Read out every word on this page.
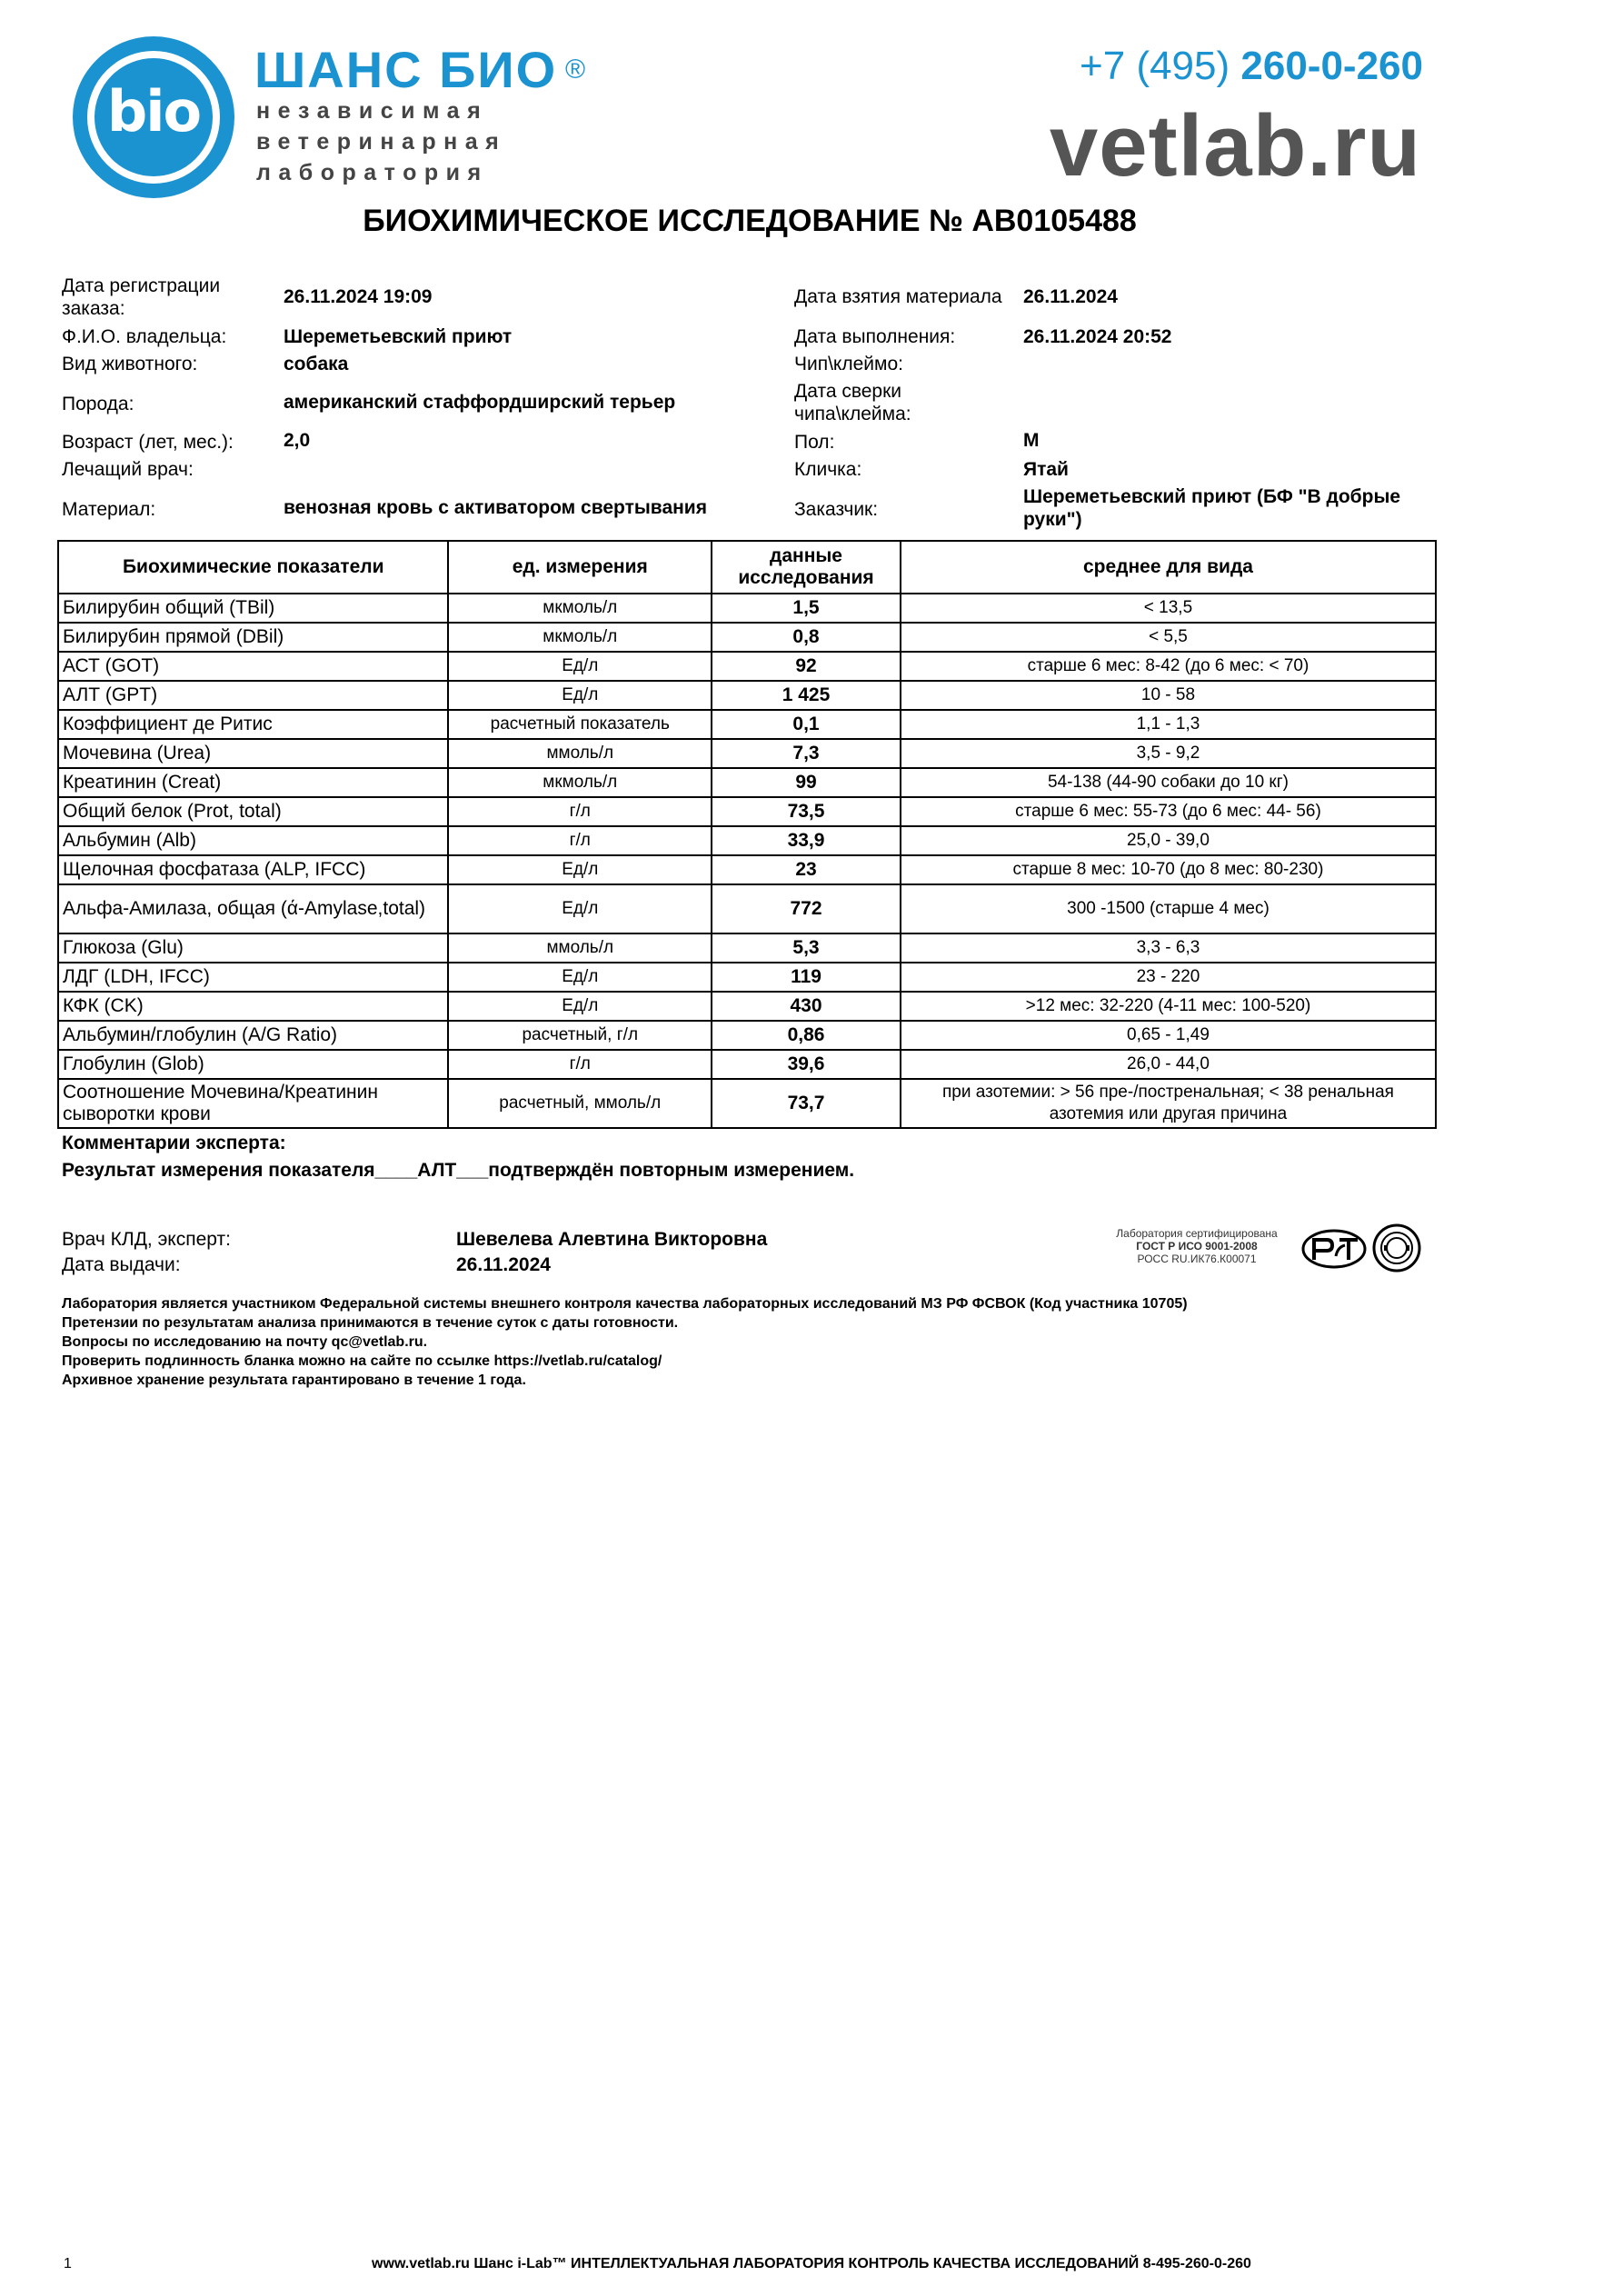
bio
ШАНС БИО ®
независимая
ветеринарная
лаборатория
+7 (495) 260-0-260
vetlab.ru
БИОХИМИЧЕСКОЕ ИССЛЕДОВАНИЕ № AB0105488
Дата регистрации заказа:
26.11.2024 19:09
Ф.И.О. владельца:	Шереметьевский приют
Вид животного:	собака
Порода:	американский стаффордширский терьер
Возраст (лет, мес.):	2,0
Лечащий врач:
Материал:	венозная кровь с активатором свертывания
Дата взятия материала 26.11.2024
Дата выполнения:	26.11.2024 20:52
Чип\клеймо:
Дата сверки чипа\клейма:
Пол:	М
Кличка:	Ятай
Заказчик:
Шереметьевский приют (БФ "В добрые руки")
Биохимические показатели	ед. измерения	данные исследования	среднее для вида
Билирубин общий (TBil)	мкмоль/л	1,5	< 13,5
Билирубин прямой (DBil)	мкмоль/л	0,8	< 5,5
АСТ (GOT)	Ед/л	92	старше 6 мес: 8-42 (до 6 мес: < 70)
АЛТ (GPT)	Ед/л	1 425	10 - 58
Коэффициент де Ритис	расчетный показатель	0,1	1,1 - 1,3
Мочевина (Urea)	ммоль/л	7,3	3,5 - 9,2
Креатинин (Creat)	мкмоль/л	99	54-138 (44-90 собаки до 10 кг)
Общий белок (Prot, total)	г/л	73,5	старше 6 мес: 55-73 (до 6 мес: 44- 56)
Альбумин (Alb)	г/л	33,9	25,0 - 39,0
Щелочная фосфатаза (ALP, IFCC)	Ед/л	23	старше 8 мес: 10-70 (до 8 мес: 80-230)
Альфа-Амилаза, общая (ά-Amylase,total)	Ед/л	772	300 -1500 (старше 4 мес)
Глюкоза (Glu)	ммоль/л	5,3	3,3 - 6,3
ЛДГ (LDH, IFCC)	Ед/л	119	23 - 220
КФК (CK)	Ед/л	430	>12 мес: 32-220 (4-11 мес: 100-520)
Альбумин/глобулин (A/G Ratio)	расчетный, г/л	0,86	0,65 - 1,49
Глобулин (Glob)	г/л	39,6	26,0 - 44,0
Соотношение Мочевина/Креатинин сыворотки крови	расчетный, ммоль/л	73,7	при азотемии: > 56 пре-/постренальная; < 38 ренальная азотемия или другая причина
Комментарии эксперта:
Результат измерения показателя____АЛТ___подтверждён повторным измерением.
Врач КЛД, эксперт:	Шевелева Алевтина Викторовна
Дата выдачи:	26.11.2024
Лаборатория сертифицирована
ГОСТ Р ИСО 9001-2008
РОСС RU.ИК76.К00071
Лаборатория является участником Федеральной системы внешнего контроля качества лабораторных исследований МЗ РФ ФСВОК (Код участника 10705)
Претензии по результатам анализа принимаются в течение суток с даты готовности.
Вопросы по исследованию на почту qc@vetlab.ru.
Проверить подлинность бланка можно на сайте по ссылке https://vetlab.ru/catalog/
Архивное хранение результата гарантировано в течение 1 года.
www.vetlab.ru Шанс i-Lab™ ИНТЕЛЛЕКТУАЛЬНАЯ ЛАБОРАТОРИЯ КОНТРОЛЬ КАЧЕСТВА ИССЛЕДОВАНИЙ 8-495-260-0-260
1
